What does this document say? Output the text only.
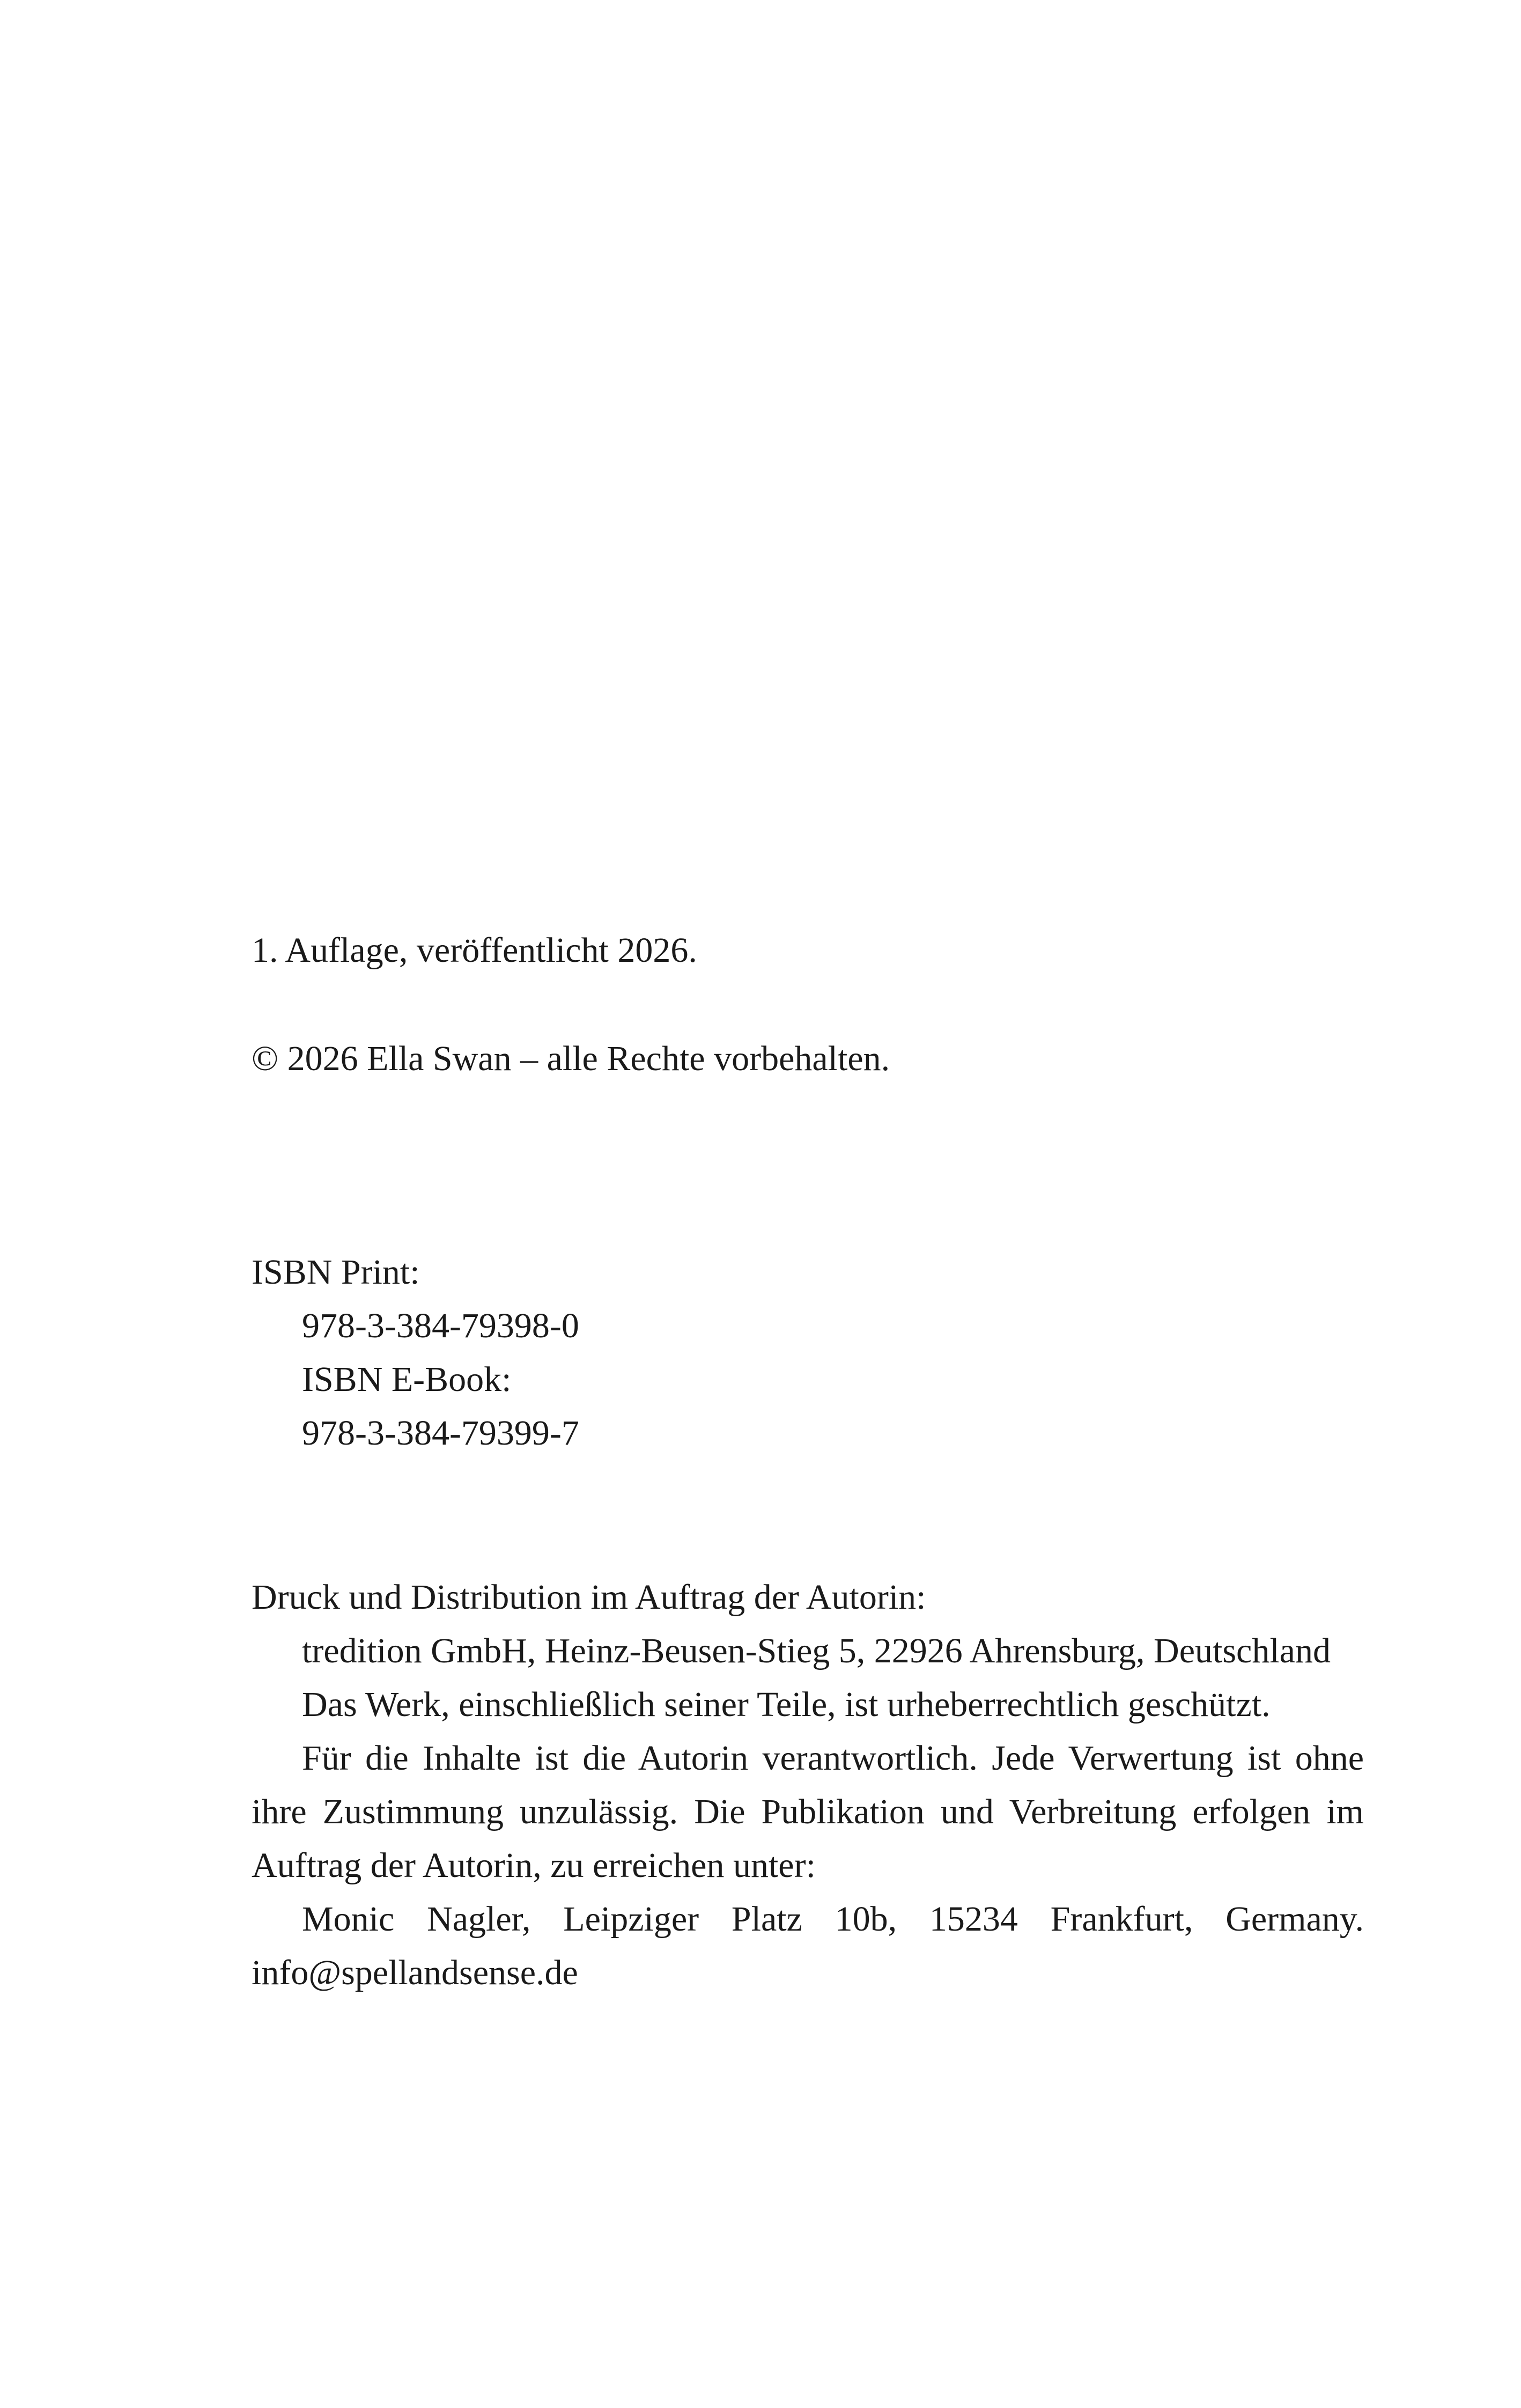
1. Auflage, veröffentlicht 2026.
© 2026 Ella Swan – alle Rechte vorbehalten.
ISBN Print:
978-3-384-79398-0
ISBN E-Book:
978-3-384-79399-7
Druck und Distribution im Auftrag der Autorin:
tredition GmbH, Heinz-Beusen-Stieg 5, 22926 Ahrensburg, Deutschland
Das Werk, einschließlich seiner Teile, ist urheberrechtlich geschützt.
Für die Inhalte ist die Autorin verantwortlich. Jede Verwertung ist ohne ihre Zustimmung unzulässig. Die Publikation und Verbreitung erfolgen im Auftrag der Autorin, zu erreichen unter:
Monic Nagler, Leipziger Platz 10b, 15234 Frankfurt, Germany. info@spellandsense.de
